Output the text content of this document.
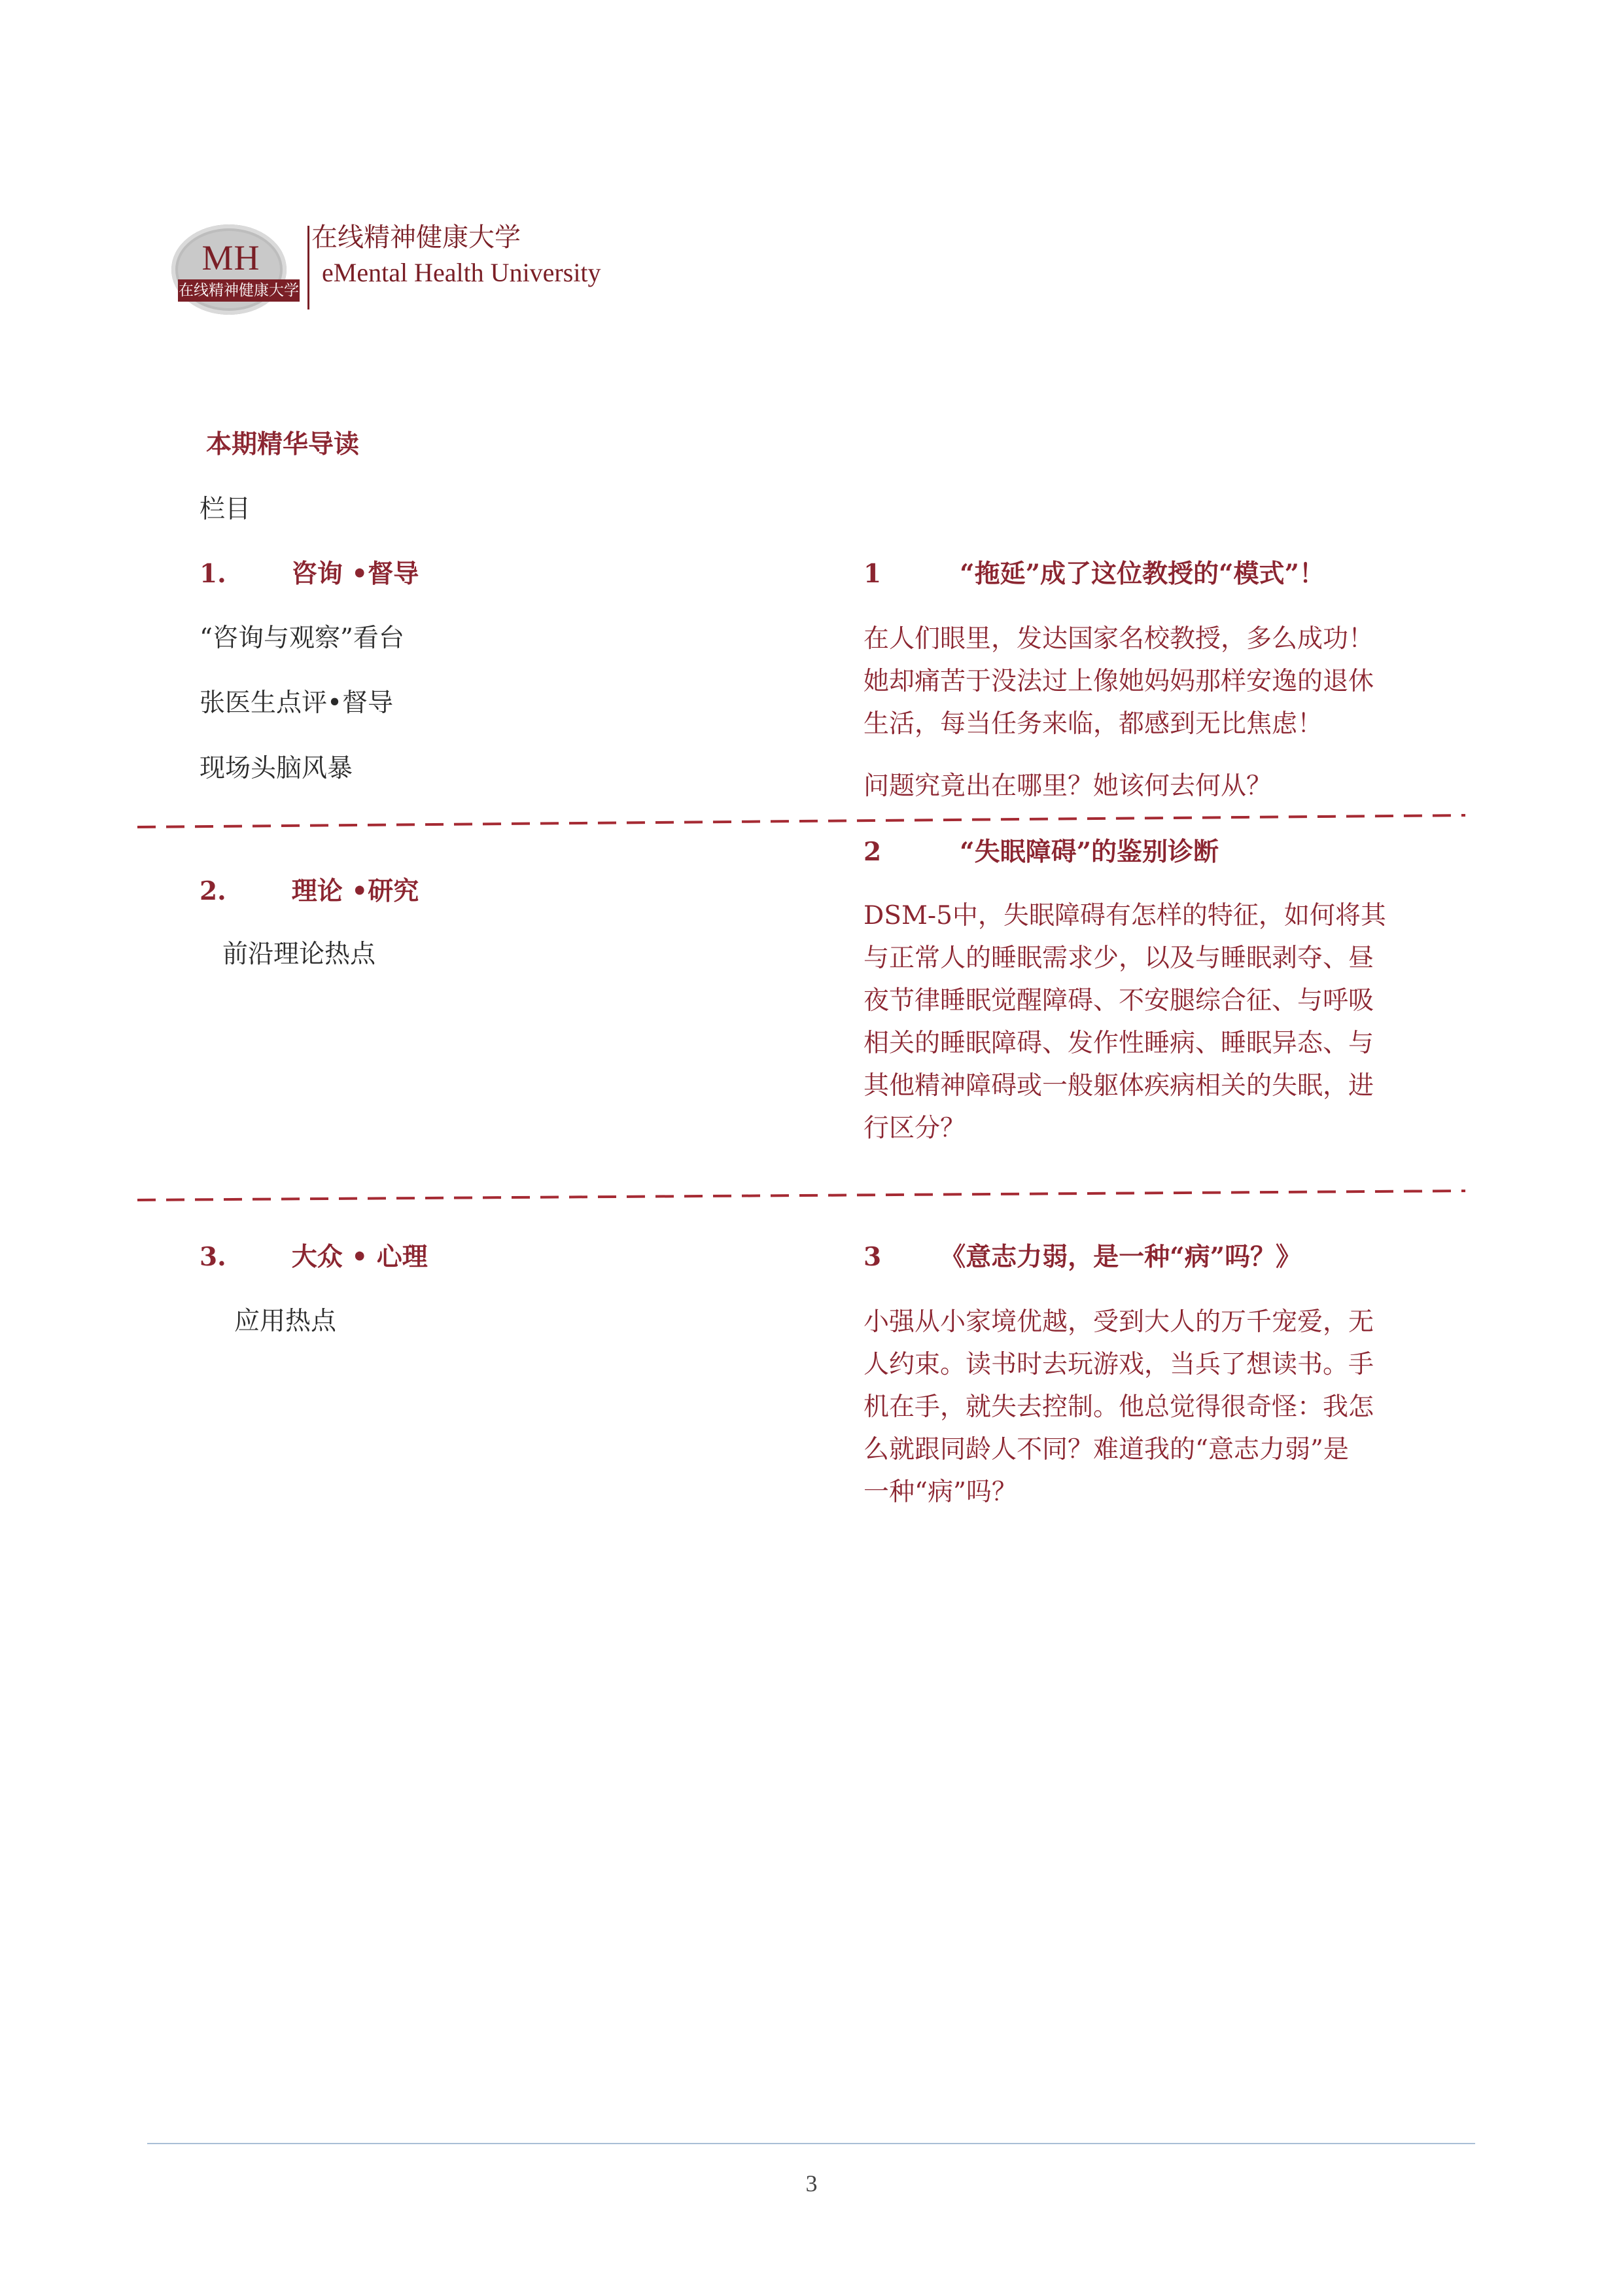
MH
在线精神健康大学
在线精神健康大学
eMental Health University
本期精华导读
栏目
1.	咨询 •督导
“咨询与观察”看台
张医生点评•督导
现场头脑风暴
1	“拖延”成了这位教授的“模式”！
在人们眼里，发达国家名校教授，多么成功！
她却痛苦于没法过上像她妈妈那样安逸的退休
生活，每当任务来临，都感到无比焦虑！
问题究竟出在哪里？她该何去何从？
2.	理论 •研究
前沿理论热点
2	“失眠障碍”的鉴别诊断
DSM-5中，失眠障碍有怎样的特征，如何将其
与正常人的睡眠需求少，以及与睡眠剥夺、昼
夜节律睡眠觉醒障碍、不安腿综合征、与呼吸
相关的睡眠障碍、发作性睡病、睡眠异态、与
其他精神障碍或一般躯体疾病相关的失眠，进
行区分？
3.	大众 • 心理
应用热点
3 《意志力弱，是一种“病”吗？》
小强从小家境优越，受到大人的万千宠爱，无
人约束。读书时去玩游戏，当兵了想读书。手
机在手，就失去控制。他总觉得很奇怪：我怎
么就跟同龄人不同？难道我的“意志力弱”是
一种“病”吗？
3
